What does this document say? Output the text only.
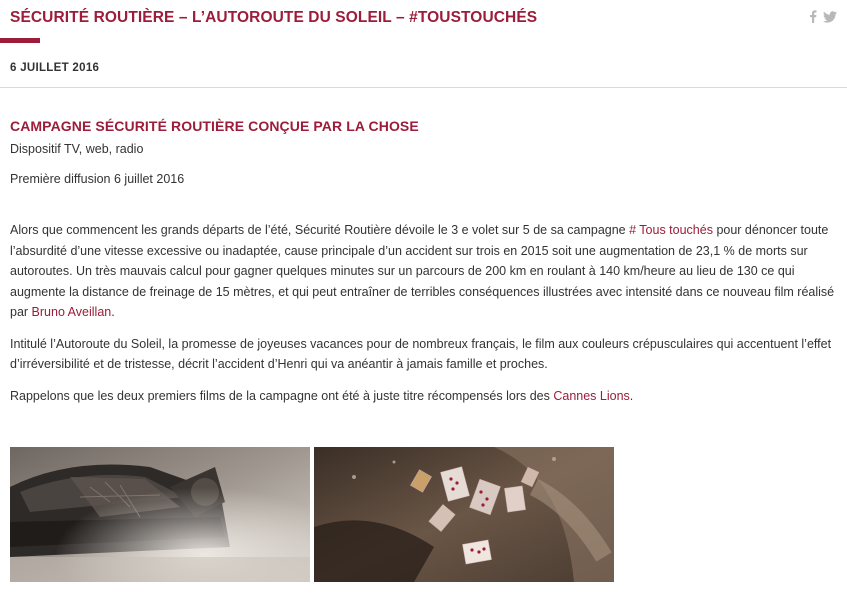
SÉCURITÉ ROUTIÈRE – L’AUTOROUTE DU SOLEIL – #TOUSTOUCHÉS
6 JUILLET 2016
CAMPAGNE SÉCURITÉ ROUTIÈRE CONÇUE PAR LA CHOSE
Dispositif TV, web, radio
Première diffusion 6 juillet 2016

Alors que commencent les grands départs de l’été, Sécurité Routière dévoile le 3 e volet sur 5 de sa campagne # Tous touchés pour dénoncer toute l’absurdité d’une vitesse excessive ou inadaptée, cause principale d’un accident sur trois en 2015 soit une augmentation de 23,1 % de morts sur autoroutes. Un très mauvais calcul pour gagner quelques minutes sur un parcours de 200 km en roulant à 140 km/heure au lieu de 130 ce qui augmente la distance de freinage de 15 mètres, et qui peut entraîner de terribles conséquences illustrées avec intensité dans ce nouveau film réalisé par Bruno Aveillan.

Intitulé l’Autoroute du Soleil, la promesse de joyeuses vacances pour de nombreux français, le film aux couleurs crépusculaires qui accentuent l’effet d’irréversibilité et de tristesse, décrit l’accident d’Henri qui va anéantir à jamais famille et proches.

Rappelons que les deux premiers films de la campagne ont été à juste titre récompensés lors des Cannes Lions.
